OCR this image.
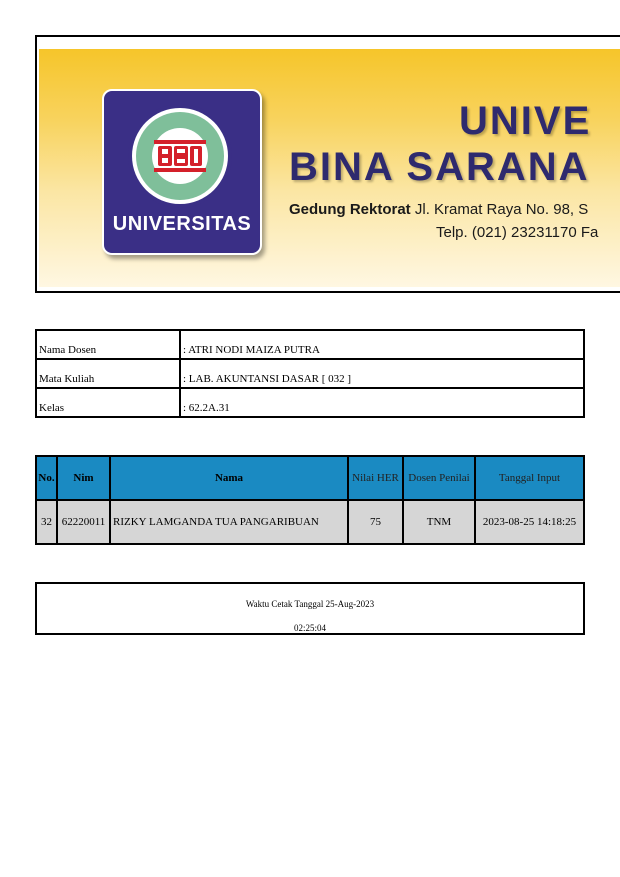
UNIVERSITAS
UNIVE
BINA SARANA
Gedung Rektorat Jl. Kramat Raya No. 98, S
Telp. (021) 23231170 Fa
Nama Dosen	: ATRI NODI MAIZA PUTRA
Mata Kuliah	: LAB. AKUNTANSI DASAR [ 032 ]
Kelas	: 62.2A.31
No.	Nim	Nama	Nilai HER	Dosen Penilai	Tanggal Input
32	62220011	RIZKY LAMGANDA TUA PANGARIBUAN	75	TNM	2023-08-25 14:18:25
Waktu Cetak Tanggal 25-Aug-2023
02:25:04
